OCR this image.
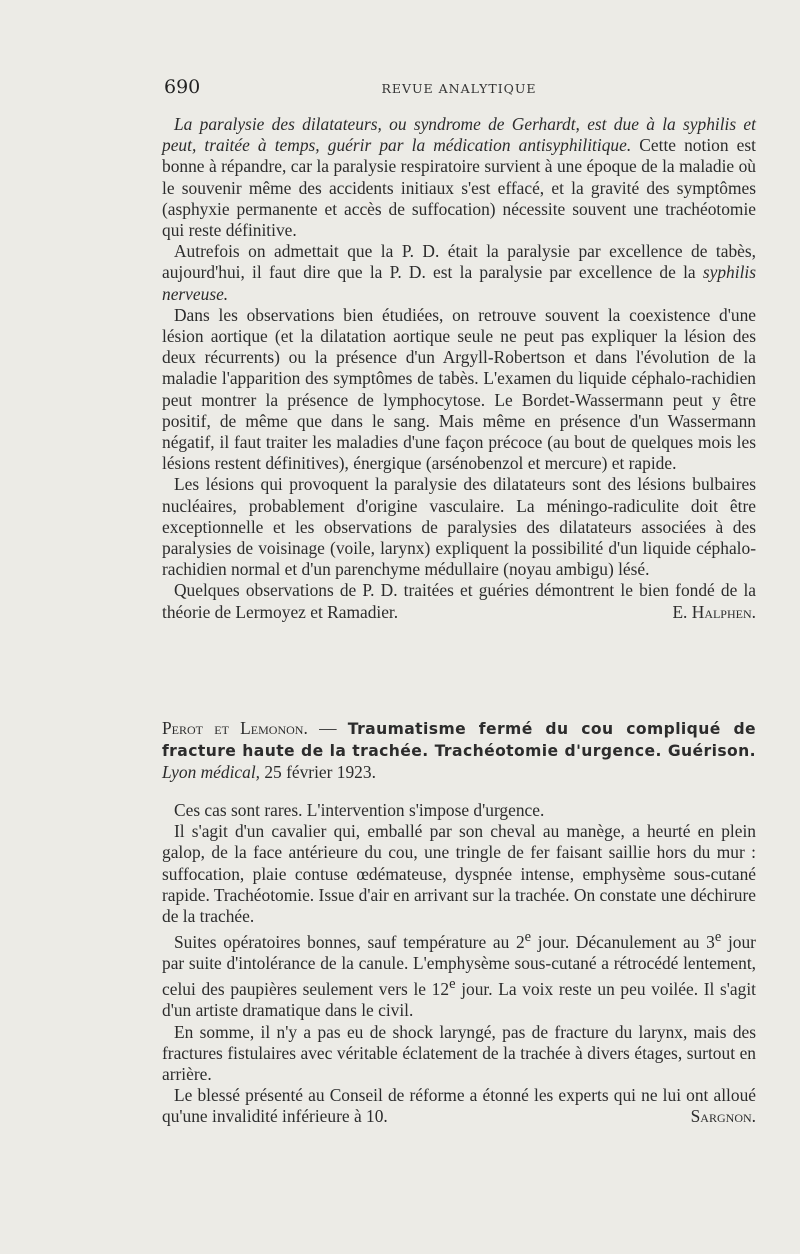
690	REVUE ANALYTIQUE

La paralysie des dilatateurs, ou syndrome de Gerhardt, est due à la syphilis et peut, traitée à temps, guérir par la médication antisyphilitique. Cette notion est bonne à répandre, car la paralysie respiratoire survient à une époque de la maladie où le souvenir même des accidents initiaux s'est effacé, et la gravité des symptômes (asphyxie permanente et accès de suffocation) nécessite souvent une trachéotomie qui reste définitive.

Autrefois on admettait que la P. D. était la paralysie par excellence de tabès, aujourd'hui, il faut dire que la P. D. est la paralysie par excellence de la syphilis nerveuse.

Dans les observations bien étudiées, on retrouve souvent la coexistence d'une lésion aortique (et la dilatation aortique seule ne peut pas expliquer la lésion des deux récurrents) ou la présence d'un Argyll-Robertson et dans l'évolution de la maladie l'apparition des symptômes de tabès. L'examen du liquide céphalo-rachidien peut montrer la présence de lymphocytose. Le Bordet-Wassermann peut y être positif, de même que dans le sang. Mais même en présence d'un Wassermann négatif, il faut traiter les maladies d'une façon précoce (au bout de quelques mois les lésions restent définitives), énergique (arsénobenzol et mercure) et rapide.

Les lésions qui provoquent la paralysie des dilatateurs sont des lésions bulbaires nucléaires, probablement d'origine vasculaire. La méningo-radiculite doit être exceptionnelle et les observations de paralysies des dilatateurs associées à des paralysies de voisinage (voile, larynx) expliquent la possibilité d'un liquide céphalo-rachidien normal et d'un parenchyme médullaire (noyau ambigu) lésé.

Quelques observations de P. D. traitées et guéries démontrent le bien fondé de la théorie de Lermoyez et Ramadier.	E. Halphen.

Perot et Lemonon. — Traumatisme fermé du cou compliqué de fracture haute de la trachée. Trachéotomie d'urgence. Guérison. Lyon médical, 25 février 1923.

Ces cas sont rares. L'intervention s'impose d'urgence.

Il s'agit d'un cavalier qui, emballé par son cheval au manège, a heurté en plein galop, de la face antérieure du cou, une tringle de fer faisant saillie hors du mur : suffocation, plaie contuse œdémateuse, dyspnée intense, emphysème sous-cutané rapide. Trachéotomie. Issue d'air en arrivant sur la trachée. On constate une déchirure de la trachée.

Suites opératoires bonnes, sauf température au 2e jour. Décanulement au 3e jour par suite d'intolérance de la canule. L'emphysème sous-cutané a rétrocédé lentement, celui des paupières seulement vers le 12e jour. La voix reste un peu voilée. Il s'agit d'un artiste dramatique dans le civil.

En somme, il n'y a pas eu de shock laryngé, pas de fracture du larynx, mais des fractures fistulaires avec véritable éclatement de la trachée à divers étages, surtout en arrière.

Le blessé présenté au Conseil de réforme a étonné les experts qui ne lui ont alloué qu'une invalidité inférieure à 10.	Sargnon.
